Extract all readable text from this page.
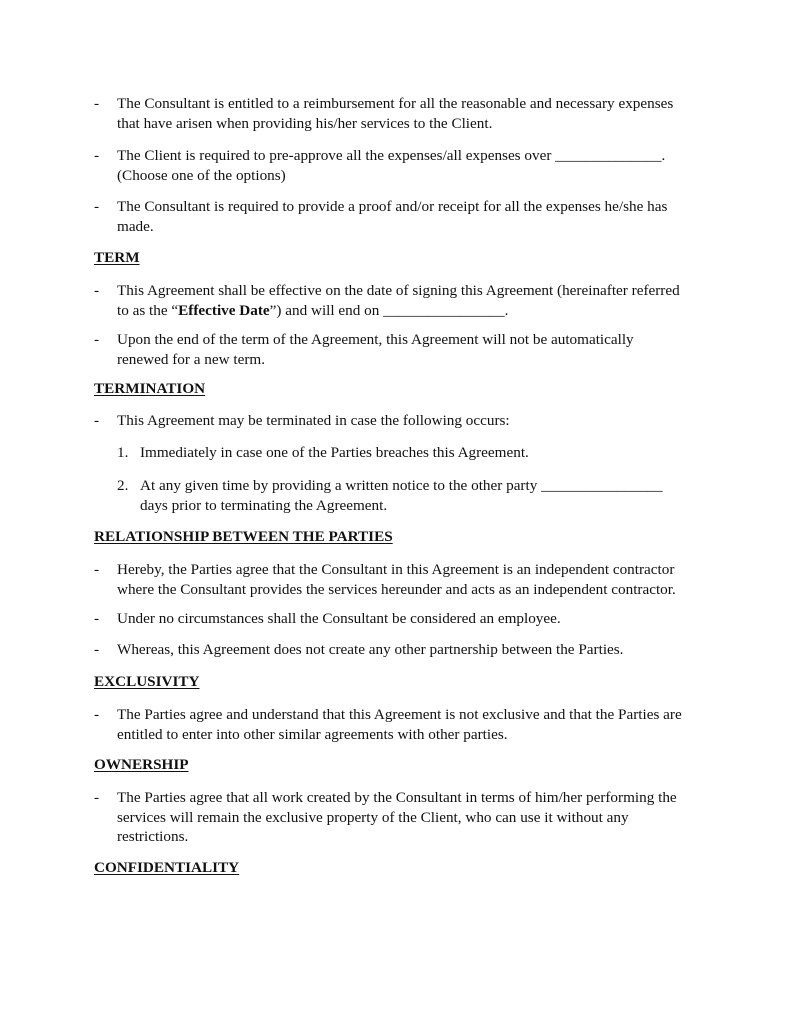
- The Consultant is entitled to a reimbursement for all the reasonable and necessary expenses
that have arisen when providing his/her services to the Client.
- The Client is required to pre-approve all the expenses/all expenses over ______________.
(Choose one of the options)
- The Consultant is required to provide a proof and/or receipt for all the expenses he/she has
made.
TERM
- This Agreement shall be effective on the date of signing this Agreement (hereinafter referred
to as the “Effective Date”) and will end on ________________.
- Upon the end of the term of the Agreement, this Agreement will not be automatically
renewed for a new term.
TERMINATION
- This Agreement may be terminated in case the following occurs:
1. Immediately in case one of the Parties breaches this Agreement.
2. At any given time by providing a written notice to the other party ________________
days prior to terminating the Agreement.
RELATIONSHIP BETWEEN THE PARTIES
- Hereby, the Parties agree that the Consultant in this Agreement is an independent contractor
where the Consultant provides the services hereunder and acts as an independent contractor.
- Under no circumstances shall the Consultant be considered an employee.
- Whereas, this Agreement does not create any other partnership between the Parties.
EXCLUSIVITY
- The Parties agree and understand that this Agreement is not exclusive and that the Parties are
entitled to enter into other similar agreements with other parties.
OWNERSHIP
- The Parties agree that all work created by the Consultant in terms of him/her performing the
services will remain the exclusive property of the Client, who can use it without any
restrictions.
CONFIDENTIALITY
